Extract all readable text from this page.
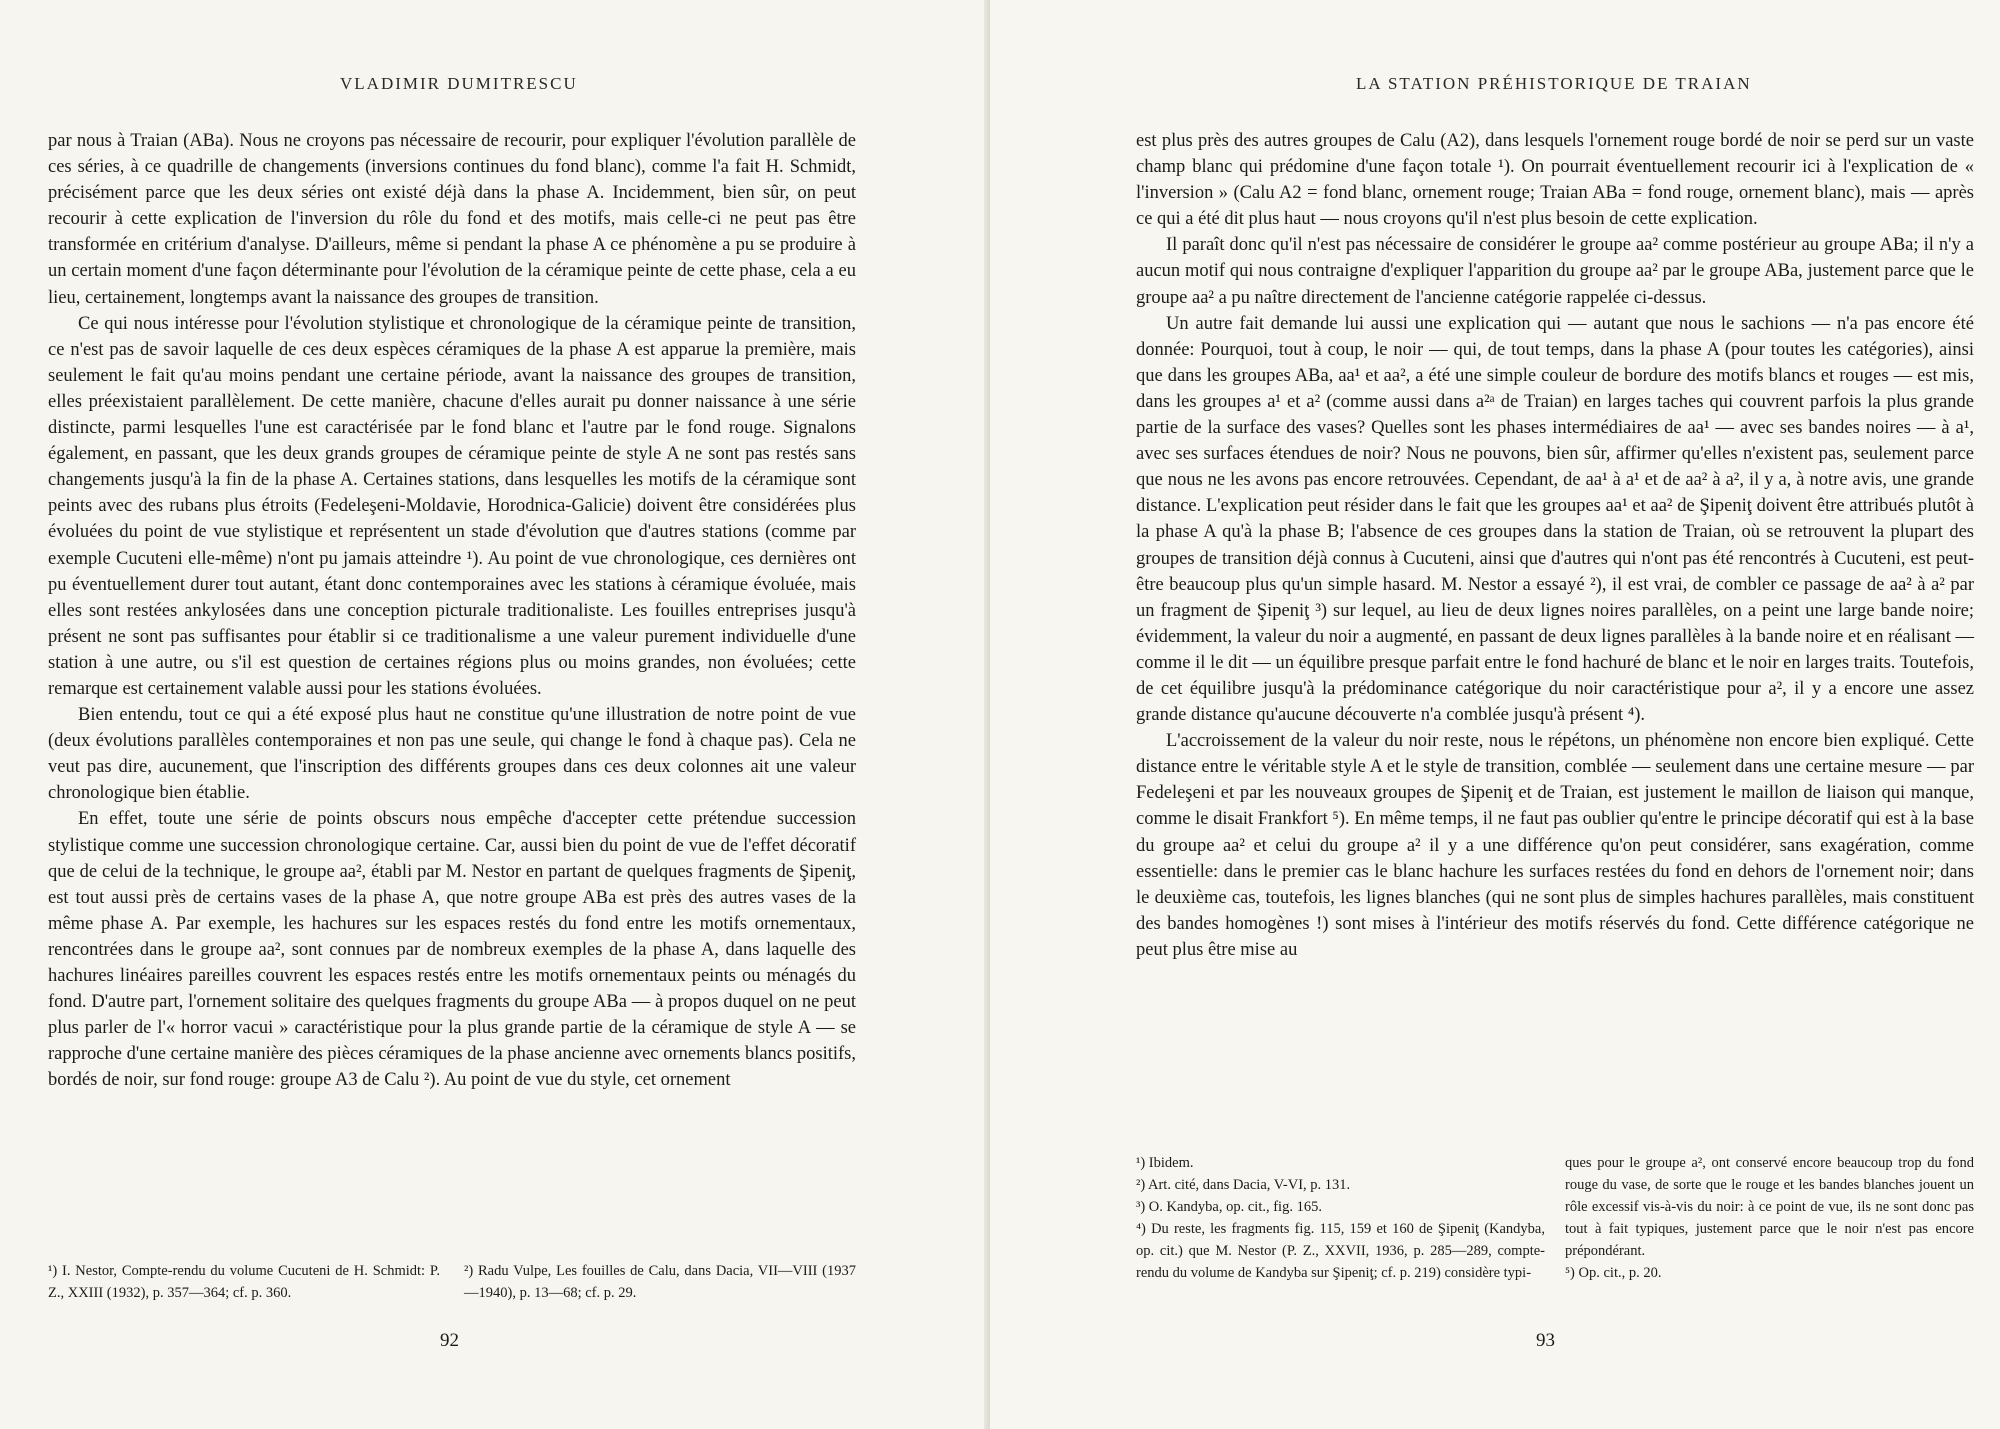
VLADIMIR DUMITRESCU

par nous à Traian (ABa). Nous ne croyons pas nécessaire de recourir, pour expliquer l'évolution parallèle de ces séries, à ce quadrille de changements (inversions continues du fond blanc), comme l'a fait H. Schmidt, précisément parce que les deux séries ont existé déjà dans la phase A. Incidemment, bien sûr, on peut recourir à cette explication de l'inversion du rôle du fond et des motifs, mais celle-ci ne peut pas être transformée en critérium d'analyse. D'ailleurs, même si pendant la phase A ce phénomène a pu se produire à un certain moment d'une façon déterminante pour l'évolution de la céramique peinte de cette phase, cela a eu lieu, certainement, longtemps avant la naissance des groupes de transition.

Ce qui nous intéresse pour l'évolution stylistique et chronologique de la céramique peinte de transition, ce n'est pas de savoir laquelle de ces deux espèces céramiques de la phase A est apparue la première, mais seulement le fait qu'au moins pendant une certaine période, avant la naissance des groupes de transition, elles préexistaient parallèlement. De cette manière, chacune d'elles aurait pu donner naissance à une série distincte, parmi lesquelles l'une est caractérisée par le fond blanc et l'autre par le fond rouge. Signalons également, en passant, que les deux grands groupes de céramique peinte de style A ne sont pas restés sans changements jusqu'à la fin de la phase A. Certaines stations, dans lesquelles les motifs de la céramique sont peints avec des rubans plus étroits (Fedeleşeni-Moldavie, Horodnica-Galicie) doivent être considérées plus évoluées du point de vue stylistique et représentent un stade d'évolution que d'autres stations (comme par exemple Cucuteni elle-même) n'ont pu jamais atteindre ¹). Au point de vue chronologique, ces dernières ont pu éventuellement durer tout autant, étant donc contemporaines avec les stations à céramique évoluée, mais elles sont restées ankylosées dans une conception picturale traditionaliste. Les fouilles entreprises jusqu'à présent ne sont pas suffisantes pour établir si ce traditionalisme a une valeur purement individuelle d'une station à une autre, ou s'il est question de certaines régions plus ou moins grandes, non évoluées; cette remarque est certainement valable aussi pour les stations évoluées.

Bien entendu, tout ce qui a été exposé plus haut ne constitue qu'une illustration de notre point de vue (deux évolutions parallèles contemporaines et non pas une seule, qui change le fond à chaque pas). Cela ne veut pas dire, aucunement, que l'inscription des différents groupes dans ces deux colonnes ait une valeur chronologique bien établie.

En effet, toute une série de points obscurs nous empêche d'accepter cette prétendue succession stylistique comme une succession chronologique certaine. Car, aussi bien du point de vue de l'effet décoratif que de celui de la technique, le groupe aa², établi par M. Nestor en partant de quelques fragments de Şipeniţ, est tout aussi près de certains vases de la phase A, que notre groupe ABa est près des autres vases de la même phase A. Par exemple, les hachures sur les espaces restés du fond entre les motifs ornementaux, rencontrées dans le groupe aa², sont connues par de nombreux exemples de la phase A, dans laquelle des hachures linéaires pareilles couvrent les espaces restés entre les motifs ornementaux peints ou ménagés du fond. D'autre part, l'ornement solitaire des quelques fragments du groupe ABa — à propos duquel on ne peut plus parler de l'« horror vacui » caractéristique pour la plus grande partie de la céramique de style A — se rapproche d'une certaine manière des pièces céramiques de la phase ancienne avec ornements blancs positifs, bordés de noir, sur fond rouge: groupe A3 de Calu ²). Au point de vue du style, cet ornement

¹) I. Nestor, Compte-rendu du volume Cucuteni de H. Schmidt: P. Z., XXIII (1932), p. 357—364; cf. p. 360.
²) Radu Vulpe, Les fouilles de Calu, dans Dacia, VII—VIII (1937—1940), p. 13—68; cf. p. 29.
92
LA STATION PRÉHISTORIQUE DE TRAIAN

est plus près des autres groupes de Calu (A2), dans lesquels l'ornement rouge bordé de noir se perd sur un vaste champ blanc qui prédomine d'une façon totale ¹). On pourrait éventuellement recourir ici à l'explication de « l'inversion » (Calu A2 = fond blanc, ornement rouge; Traian ABa = fond rouge, ornement blanc), mais — après ce qui a été dit plus haut — nous croyons qu'il n'est plus besoin de cette explication.

Il paraît donc qu'il n'est pas nécessaire de considérer le groupe aa² comme postérieur au groupe ABa; il n'y a aucun motif qui nous contraigne d'expliquer l'apparition du groupe aa² par le groupe ABa, justement parce que le groupe aa² a pu naître directement de l'ancienne catégorie rappelée ci-dessus.

Un autre fait demande lui aussi une explication qui — autant que nous le sachions — n'a pas encore été donnée: Pourquoi, tout à coup, le noir — qui, de tout temps, dans la phase A (pour toutes les catégories), ainsi que dans les groupes ABa, aa¹ et aa², a été une simple couleur de bordure des motifs blancs et rouges — est mis, dans les groupes a¹ et a² (comme aussi dans a²ᵃ de Traian) en larges taches qui couvrent parfois la plus grande partie de la surface des vases? Quelles sont les phases intermédiaires de aa¹ — avec ses bandes noires — à a¹, avec ses surfaces étendues de noir? Nous ne pouvons, bien sûr, affirmer qu'elles n'existent pas, seulement parce que nous ne les avons pas encore retrouvées. Cependant, de aa¹ à a¹ et de aa² à a², il y a, à notre avis, une grande distance. L'explication peut résider dans le fait que les groupes aa¹ et aa² de Şipeniţ doivent être attribués plutôt à la phase A qu'à la phase B; l'absence de ces groupes dans la station de Traian, où se retrouvent la plupart des groupes de transition déjà connus à Cucuteni, ainsi que d'autres qui n'ont pas été rencontrés à Cucuteni, est peut-être beaucoup plus qu'un simple hasard. M. Nestor a essayé ²), il est vrai, de combler ce passage de aa² à a² par un fragment de Şipeniţ ³) sur lequel, au lieu de deux lignes noires parallèles, on a peint une large bande noire; évidemment, la valeur du noir a augmenté, en passant de deux lignes parallèles à la bande noire et en réalisant — comme il le dit — un équilibre presque parfait entre le fond hachuré de blanc et le noir en larges traits. Toutefois, de cet équilibre jusqu'à la prédominance catégorique du noir caractéristique pour a², il y a encore une assez grande distance qu'aucune découverte n'a comblée jusqu'à présent ⁴).

L'accroissement de la valeur du noir reste, nous le répétons, un phénomène non encore bien expliqué. Cette distance entre le véritable style A et le style de transition, comblée — seulement dans une certaine mesure — par Fedeleşeni et par les nouveaux groupes de Şipeniţ et de Traian, est justement le maillon de liaison qui manque, comme le disait Frankfort ⁵). En même temps, il ne faut pas oublier qu'entre le principe décoratif qui est à la base du groupe aa² et celui du groupe a² il y a une différence qu'on peut considérer, sans exagération, comme essentielle: dans le premier cas le blanc hachure les surfaces restées du fond en dehors de l'ornement noir; dans le deuxième cas, toutefois, les lignes blanches (qui ne sont plus de simples hachures parallèles, mais constituent des bandes homogènes !) sont mises à l'intérieur des motifs réservés du fond. Cette différence catégorique ne peut plus être mise au

¹) Ibidem.

²) Art. cité, dans Dacia, V-VI, p. 131.

³) O. Kandyba, op. cit., fig. 165.

⁴) Du reste, les fragments fig. 115, 159 et 160 de Şipeniţ (Kandyba, op. cit.) que M. Nestor (P. Z., XXVII, 1936, p. 285—289, compte-rendu du volume de Kandyba sur Şipeniţ; cf. p. 219) considère typi-

ques pour le groupe a², ont conservé encore beaucoup trop du fond rouge du vase, de sorte que le rouge et les bandes blanches jouent un rôle excessif vis-à-vis du noir: à ce point de vue, ils ne sont donc pas tout à fait typiques, justement parce que le noir n'est pas encore prépondérant.

⁵) Op. cit., p. 20.

93
